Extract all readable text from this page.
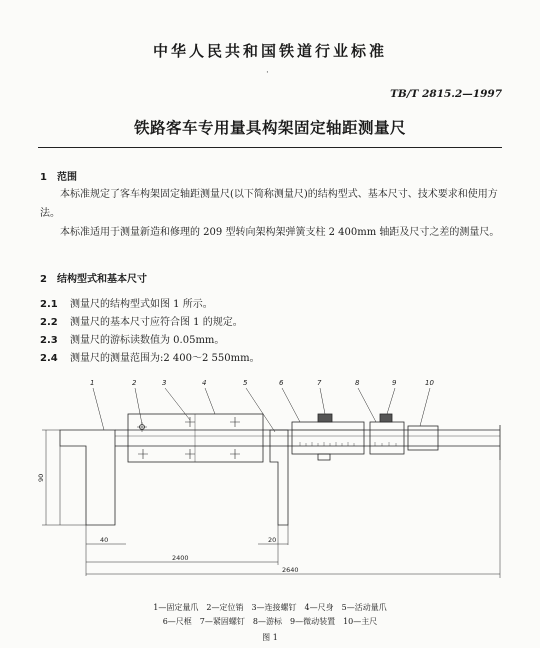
中华人民共和国铁道行业标准
·
TB/T 2815.2—1997
铁路客车专用量具构架固定轴距测量尺
1　范围
本标准规定了客车构架固定轴距测量尺(以下简称测量尺)的结构型式、基本尺寸、技术要求和使用方法。
本标准适用于测量新造和修理的 209 型转向架构架弹簧支柱 2 400mm 轴距及尺寸之差的测量尺。
2　结构型式和基本尺寸
2.1 测量尺的结构型式如图 1 所示。
2.2 测量尺的基本尺寸应符合图 1 的规定。
2.3 测量尺的游标读数值为 0.05mm。
2.4 测量尺的测量范围为:2 400～2 550mm。
1	2	3	4	5	6	7	8	9	10
90
40	20
2400
2640
1—固定量爪　2—定位销　3—连接螺钉　4—尺身　5—活动量爪
6—尺框　7—紧固螺钉　8—游标　9—微动装置　10—主尺
图 1
